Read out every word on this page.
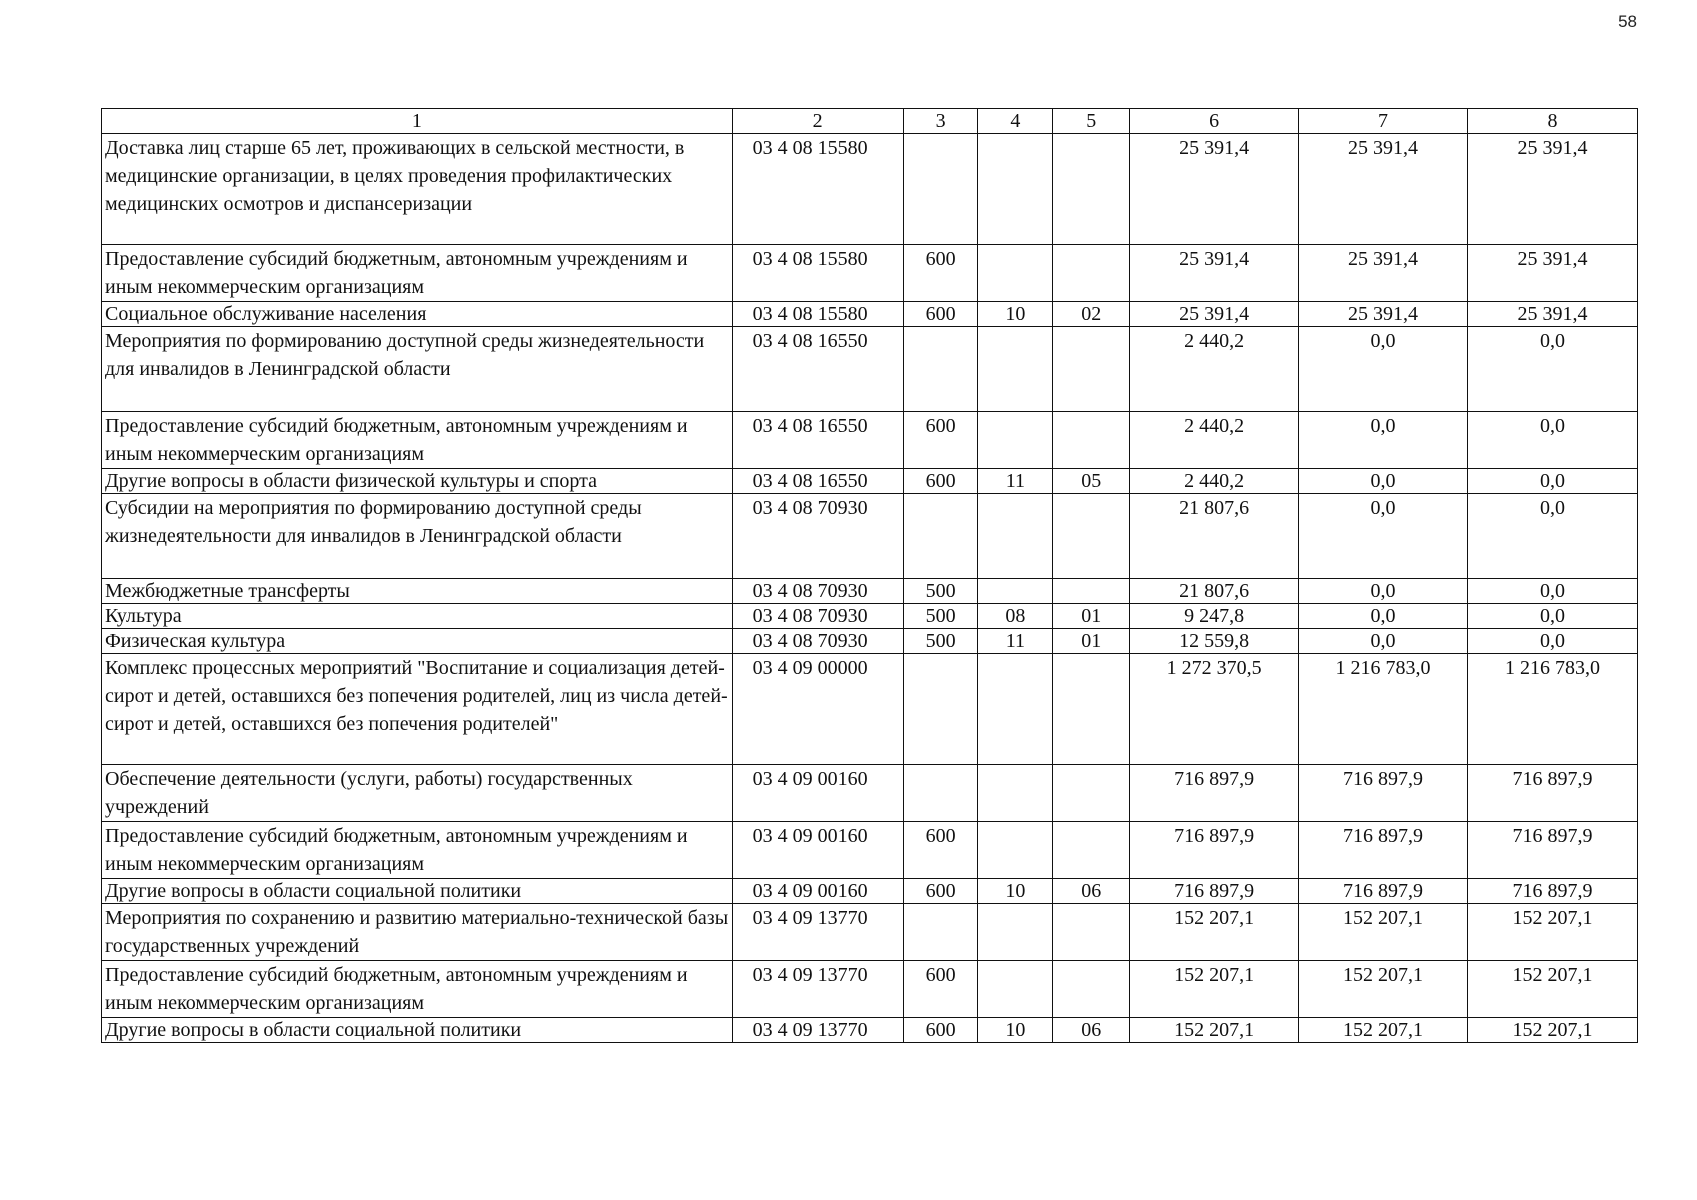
58
1	2	3	4	5	6	7	8
Доставка лиц старше 65 лет, проживающих в сельской местности, в медицинские организации, в целях проведения профилактических медицинских осмотров и диспансеризации	03 4 08 15580				25 391,4	25 391,4	25 391,4
Предоставление субсидий бюджетным, автономным учреждениям и иным некоммерческим организациям	03 4 08 15580	600			25 391,4	25 391,4	25 391,4
Социальное обслуживание населения	03 4 08 15580	600	10	02	25 391,4	25 391,4	25 391,4
Мероприятия по формированию доступной среды жизнедеятельности для инвалидов в Ленинградской области	03 4 08 16550				2 440,2	0,0	0,0
Предоставление субсидий бюджетным, автономным учреждениям и иным некоммерческим организациям	03 4 08 16550	600			2 440,2	0,0	0,0
Другие вопросы в области физической культуры и спорта	03 4 08 16550	600	11	05	2 440,2	0,0	0,0
Субсидии на мероприятия по формированию доступной среды жизнедеятельности для инвалидов в Ленинградской области	03 4 08 70930				21 807,6	0,0	0,0
Межбюджетные трансферты	03 4 08 70930	500			21 807,6	0,0	0,0
Культура	03 4 08 70930	500	08	01	9 247,8	0,0	0,0
Физическая культура	03 4 08 70930	500	11	01	12 559,8	0,0	0,0
Комплекс процессных мероприятий "Воспитание и социализация детей-сирот и детей, оставшихся без попечения родителей, лиц из числа детей-сирот и детей, оставшихся без попечения родителей"	03 4 09 00000				1 272 370,5	1 216 783,0	1 216 783,0
Обеспечение деятельности (услуги, работы) государственных учреждений	03 4 09 00160				716 897,9	716 897,9	716 897,9
Предоставление субсидий бюджетным, автономным учреждениям и иным некоммерческим организациям	03 4 09 00160	600			716 897,9	716 897,9	716 897,9
Другие вопросы в области социальной политики	03 4 09 00160	600	10	06	716 897,9	716 897,9	716 897,9
Мероприятия по сохранению и развитию материально-технической базы государственных учреждений	03 4 09 13770				152 207,1	152 207,1	152 207,1
Предоставление субсидий бюджетным, автономным учреждениям и иным некоммерческим организациям	03 4 09 13770	600			152 207,1	152 207,1	152 207,1
Другие вопросы в области социальной политики	03 4 09 13770	600	10	06	152 207,1	152 207,1	152 207,1
